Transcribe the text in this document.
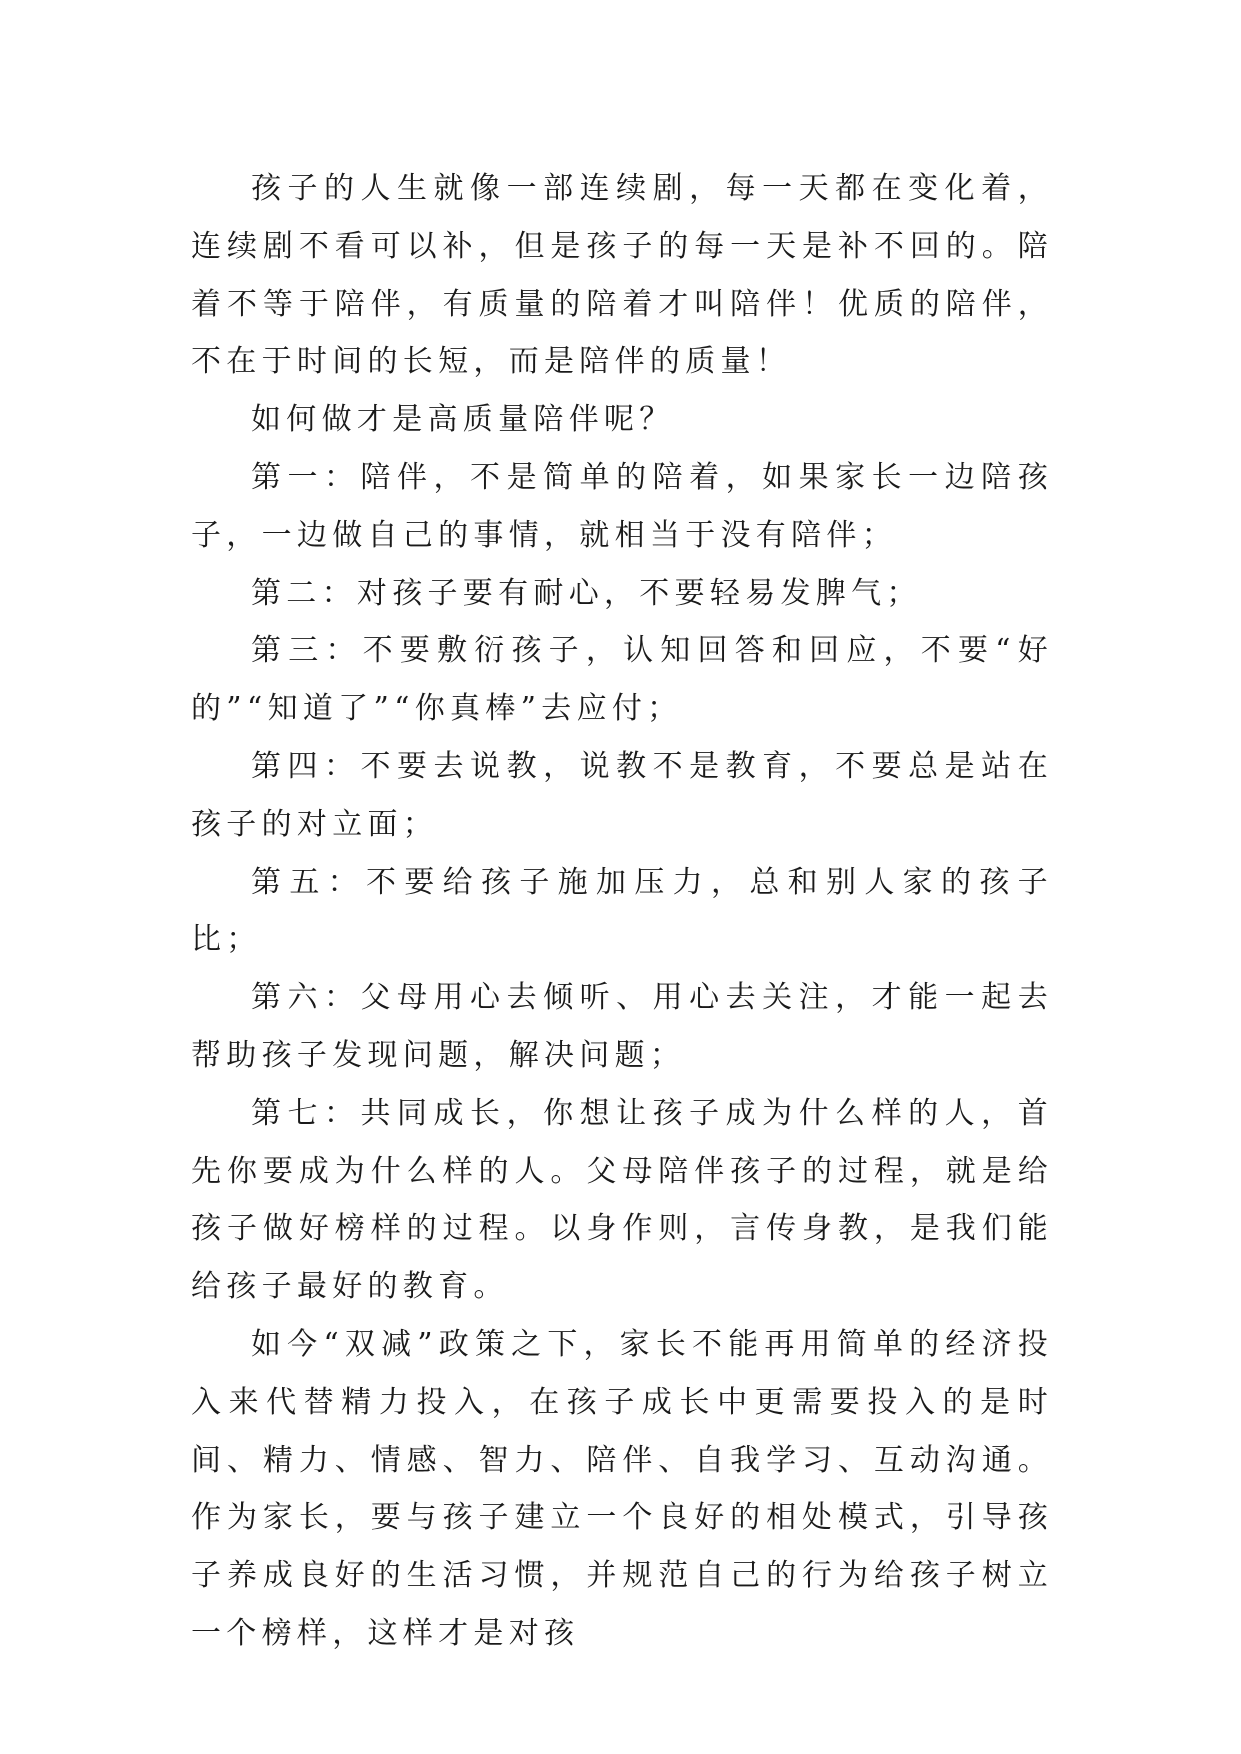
孩子的人生就像一部连续剧，每一天都在变化着，连续剧不看可以补，但是孩子的每一天是补不回的。陪着不等于陪伴，有质量的陪着才叫陪伴！优质的陪伴，不在于时间的长短，而是陪伴的质量！

如何做才是高质量陪伴呢？

第一：陪伴，不是简单的陪着，如果家长一边陪孩子，一边做自己的事情，就相当于没有陪伴；

第二：对孩子要有耐心，不要轻易发脾气；

第三：不要敷衍孩子，认知回答和回应，不要“好的”“知道了”“你真棒”去应付；

第四：不要去说教，说教不是教育，不要总是站在孩子的对立面；

第五：不要给孩子施加压力，总和别人家的孩子比；

第六：父母用心去倾听、用心去关注，才能一起去帮助孩子发现问题，解决问题；

第七：共同成长，你想让孩子成为什么样的人，首先你要成为什么样的人。父母陪伴孩子的过程，就是给孩子做好榜样的过程。以身作则，言传身教，是我们能给孩子最好的教育。

如今“双减”政策之下，家长不能再用简单的经济投入来代替精力投入，在孩子成长中更需要投入的是时间、精力、情感、智力、陪伴、自我学习、互动沟通。作为家长，要与孩子建立一个良好的相处模式，引导孩子养成良好的生活习惯，并规范自己的行为给孩子树立一个榜样，这样才是对孩
